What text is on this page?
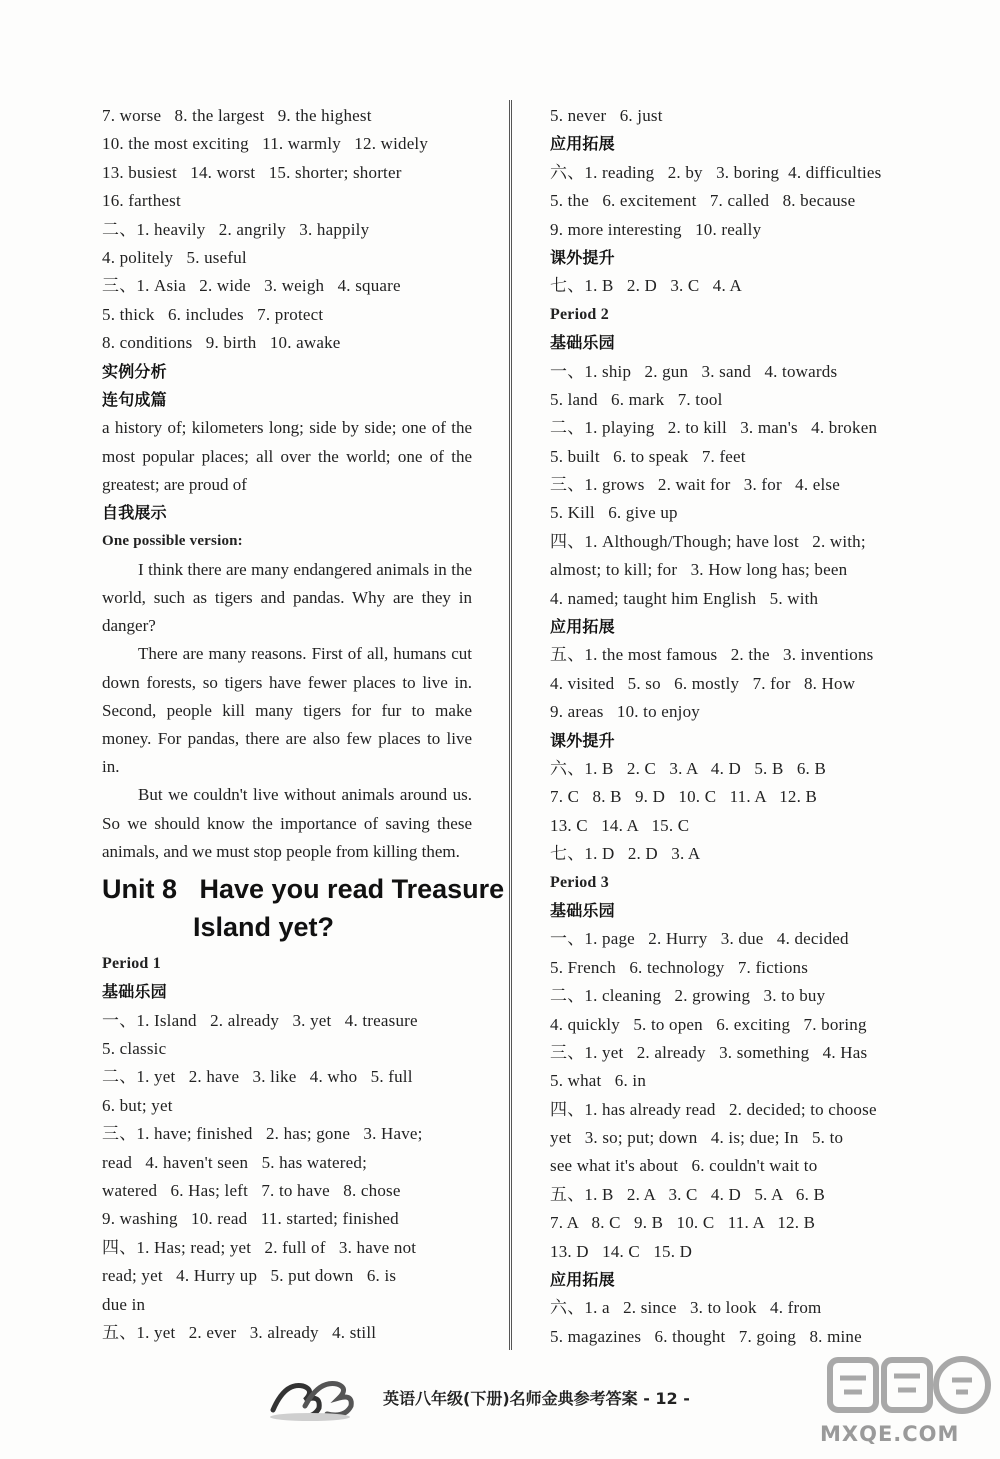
7. worse   8. the largest   9. the highest
10. the most exciting   11. warmly   12. widely
13. busiest   14. worst   15. shorter; shorter
16. farthest
二、1. heavily   2. angrily   3. happily
4. politely   5. useful
三、1. Asia   2. wide   3. weigh   4. square
5. thick   6. includes   7. protect
8. conditions   9. birth   10. awake
实例分析
连句成篇

a history of; kilometers long; side by side; one of the most popular places; all over the world; one of the greatest; are proud of

自我展示
One possible version:

I think there are many endangered animals in the world, such as tigers and pandas. Why are they in danger?

There are many reasons. First of all, humans cut down forests, so tigers have fewer places to live in. Second, people kill many tigers for fur to make money. For pandas, there are also few places to live in.

But we couldn't live without animals around us. So we should know the importance of saving these animals, and we must stop people from killing them.

Unit 8   Have you read Treasure
Island yet?
Period 1
基础乐园
一、1. Island   2. already   3. yet   4. treasure
5. classic
二、1. yet   2. have   3. like   4. who   5. full
6. but; yet
三、1. have; finished   2. has; gone   3. Have;
read   4. haven't seen   5. has watered;
watered   6. Has; left   7. to have   8. chose
9. washing   10. read   11. started; finished
四、1. Has; read; yet   2. full of   3. have not
read; yet   4. Hurry up   5. put down   6. is
due in
五、1. yet   2. ever   3. already   4. still
5. never   6. just
应用拓展
六、1. reading   2. by   3. boring  4. difficulties
5. the   6. excitement   7. called   8. because
9. more interesting   10. really
课外提升
七、1. B   2. D   3. C   4. A
Period 2
基础乐园
一、1. ship   2. gun   3. sand   4. towards
5. land   6. mark   7. tool
二、1. playing   2. to kill   3. man's   4. broken
5. built   6. to speak   7. feet
三、1. grows   2. wait for   3. for   4. else
5. Kill   6. give up
四、1. Although/Though; have lost   2. with;
almost; to kill; for   3. How long has; been
4. named; taught him English   5. with
应用拓展
五、1. the most famous   2. the   3. inventions
4. visited   5. so   6. mostly   7. for   8. How
9. areas   10. to enjoy
课外提升
六、1. B   2. C   3. A   4. D   5. B   6. B
7. C   8. B   9. D   10. C   11. A   12. B
13. C   14. A   15. C
七、1. D   2. D   3. A
Period 3
基础乐园
一、1. page   2. Hurry   3. due   4. decided
5. French   6. technology   7. fictions
二、1. cleaning   2. growing   3. to buy
4. quickly   5. to open   6. exciting   7. boring
三、1. yet   2. already   3. something   4. Has
5. what   6. in
四、1. has already read   2. decided; to choose
yet   3. so; put; down   4. is; due; In   5. to
see what it's about   6. couldn't wait to
五、1. B   2. A   3. C   4. D   5. A   6. B
7. A   8. C   9. B   10. C   11. A   12. B
13. D   14. C   15. D
应用拓展
六、1. a   2. since   3. to look   4. from
5. magazines   6. thought   7. going   8. mine
英语八年级(下册)名师金典参考答案 - 12 -
MXQE.COM
